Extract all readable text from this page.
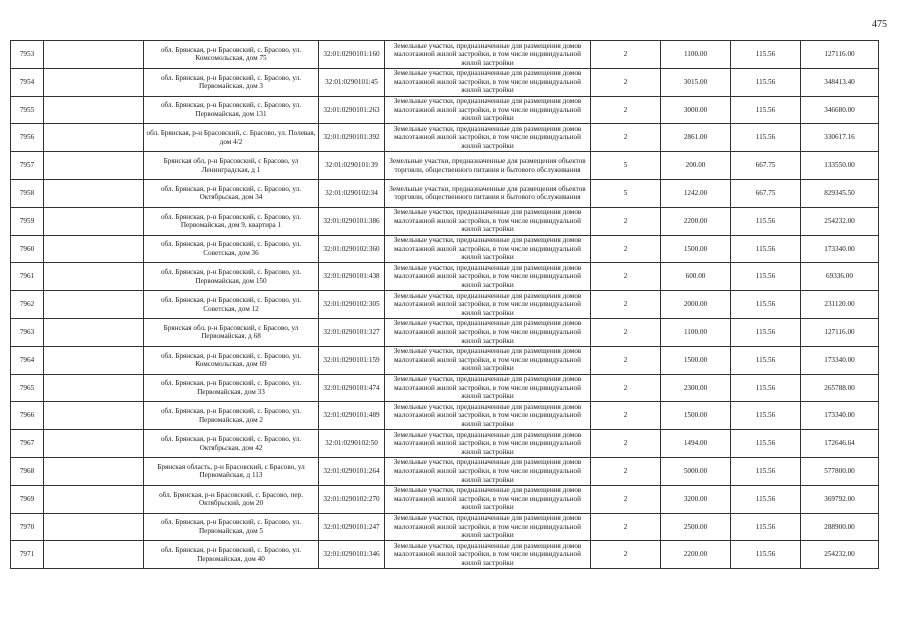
475
7953		обл. Брянская, р-н Брасовский, с. Брасово, ул. Комсомольская, дом 75	32:01:0290101:160	Земельные участки, предназначенные для размещения домов малоэтажной жилой застройки, в том числе индивидуальной жилой застройки	2	1100.00	115.56	127116.00
7954		обл. Брянская, р-н Брасовский, с. Брасово, ул. Первомайская, дом 3	32:01:0290101:45	Земельные участки, предназначенные для размещения домов малоэтажной жилой застройки, в том числе индивидуальной жилой застройки	2	3015.00	115.56	348413.40
7955		обл. Брянская, р-н Брасовский, с. Брасово, ул. Первомайская, дом 131	32:01:0290101:263	Земельные участки, предназначенные для размещения домов малоэтажной жилой застройки, в том числе индивидуальной жилой застройки	2	3000.00	115.56	346680.00
7956		обл. Брянская, р-н Брасовский, с. Брасово, ул. Полевая, дом 4/2	32:01:0290101:392	Земельные участки, предназначенные для размещения домов малоэтажной жилой застройки, в том числе индивидуальной жилой застройки	2	2861.00	115.56	330617.16
7957		Брянская обл, р-н Брасовский, с Брасово, ул Ленинградская, д 1	32:01:0290101:39	Земельные участки, предназначенные для размещения объектов торговли, общественного питания и бытового обслуживания	5	200.00	667.75	133550.00
7958		обл. Брянская, р-н Брасовский, с. Брасово, ул. Октябрьская, дом 34	32:01:0290102:34	Земельные участки, предназначенные для размещения объектов торговли, общественного питания и бытового обслуживания	5	1242.00	667.75	829345.50
7959		обл. Брянская, р-н Брасовский, с. Брасово, ул. Первомайская, дом 9, квартира 1	32:01:0290101:386	Земельные участки, предназначенные для размещения домов малоэтажной жилой застройки, в том числе индивидуальной жилой застройки	2	2200.00	115.56	254232.00
7960		обл. Брянская, р-н Брасовский, с. Брасово, ул. Советская, дом 36	32:01:0290102:360	Земельные участки, предназначенные для размещения домов малоэтажной жилой застройки, в том числе индивидуальной жилой застройки	2	1500.00	115.56	173340.00
7961		обл. Брянская, р-н Брасовский, с. Брасово, ул. Первомайская, дом 150	32:01:0290101:438	Земельные участки, предназначенные для размещения домов малоэтажной жилой застройки, в том числе индивидуальной жилой застройки	2	600.00	115.56	69336.00
7962		обл. Брянская, р-н Брасовский, с. Брасово, ул. Советская, дом 12	32:01:0290102:305	Земельные участки, предназначенные для размещения домов малоэтажной жилой застройки, в том числе индивидуальной жилой застройки	2	2000.00	115.56	231120.00
7963		Брянская обл, р-н Брасовский, с Брасово, ул Первомайская, д 68	32:01:0290101:327	Земельные участки, предназначенные для размещения домов малоэтажной жилой застройки, в том числе индивидуальной жилой застройки	2	1100.00	115.56	127116.00
7964		обл. Брянская, р-н Брасовский, с. Брасово, ул. Комсомольская, дом 69	32:01:0290101:159	Земельные участки, предназначенные для размещения домов малоэтажной жилой застройки, в том числе индивидуальной жилой застройки	2	1500.00	115.56	173340.00
7965		обл. Брянская, р-н Брасовский, с. Брасово, ул. Первомайская, дом 33	32:01:0290101:474	Земельные участки, предназначенные для размещения домов малоэтажной жилой застройки, в том числе индивидуальной жилой застройки	2	2300.00	115.56	265788.00
7966		обл. Брянская, р-н Брасовский, с. Брасово, ул. Первомайская, дом 2	32:01:0290101:489	Земельные участки, предназначенные для размещения домов малоэтажной жилой застройки, в том числе индивидуальной жилой застройки	2	1500.00	115.56	173340.00
7967		обл. Брянская, р-н Брасовский, с. Брасово, ул. Октябрьская, дом 42	32:01:0290102:50	Земельные участки, предназначенные для размещения домов малоэтажной жилой застройки, в том числе индивидуальной жилой застройки	2	1494.00	115.56	172646.64
7968		Брянская область, р-н Брасовский, с Брасово, ул Первомайская, д 113	32:01:0290101:264	Земельные участки, предназначенные для размещения домов малоэтажной жилой застройки, в том числе индивидуальной жилой застройки	2	5000.00	115.56	577800.00
7969		обл. Брянская, р-н Брасовский, с. Брасово, пер. Октябрьский, дом 20	32:01:0290102:270	Земельные участки, предназначенные для размещения домов малоэтажной жилой застройки, в том числе индивидуальной жилой застройки	2	3200.00	115.56	369792.00
7970		обл. Брянская, р-н Брасовский, с. Брасово, ул. Первомайская, дом 5	32:01:0290101:247	Земельные участки, предназначенные для размещения домов малоэтажной жилой застройки, в том числе индивидуальной жилой застройки	2	2500.00	115.56	288900.00
7971		обл. Брянская, р-н Брасовский, с. Брасово, ул. Первомайская, дом 40	32:01:0290101:346	Земельные участки, предназначенные для размещения домов малоэтажной жилой застройки, в том числе индивидуальной жилой застройки	2	2200.00	115.56	254232.00
